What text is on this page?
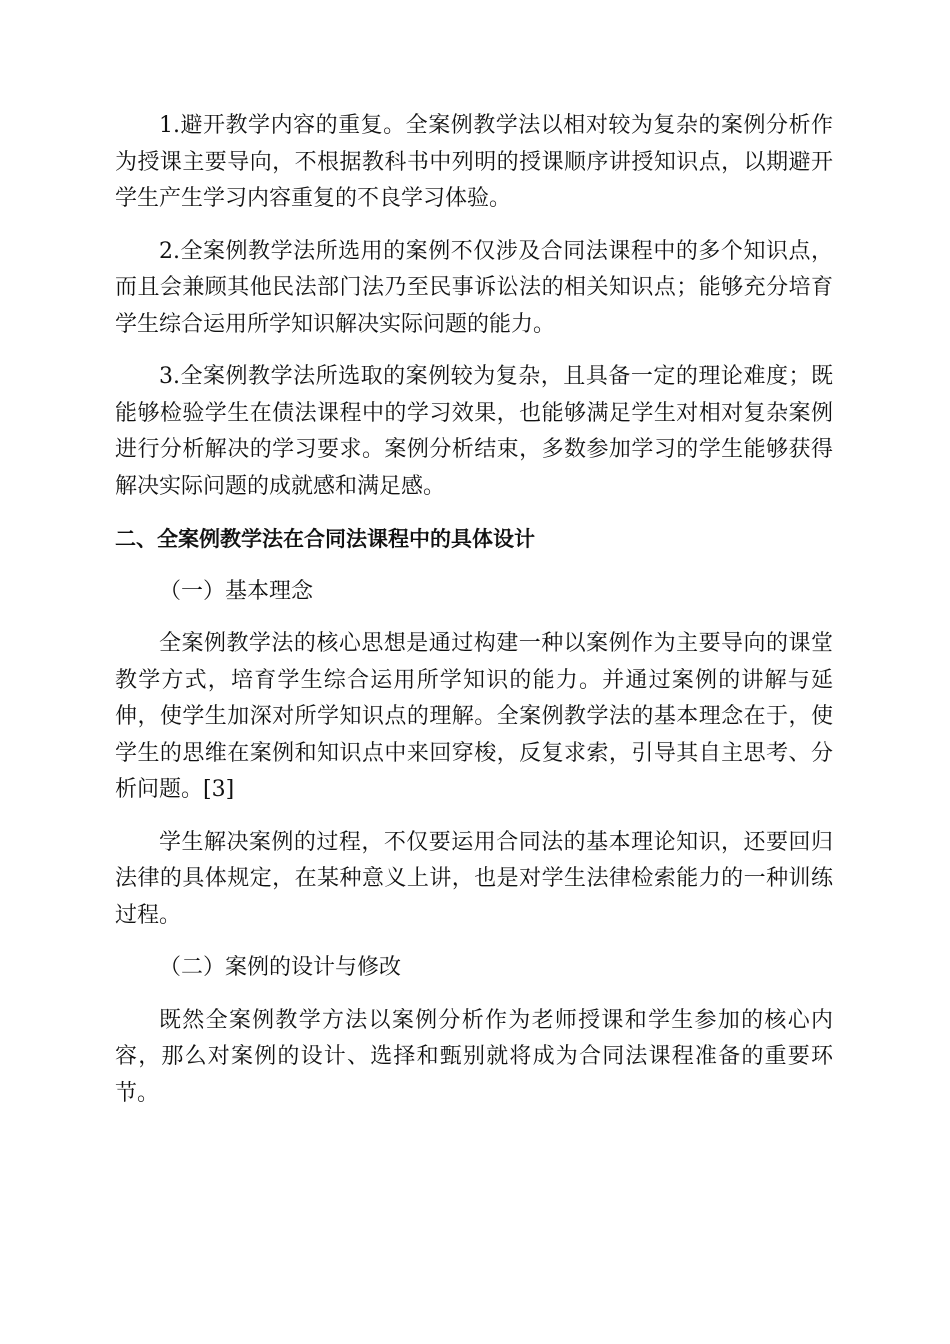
1.避开教学内容的重复。全案例教学法以相对较为复杂的案例分析作为授课主要导向，不根据教科书中列明的授课顺序讲授知识点，以期避开学生产生学习内容重复的不良学习体验。

2.全案例教学法所选用的案例不仅涉及合同法课程中的多个知识点，而且会兼顾其他民法部门法乃至民事诉讼法的相关知识点；能够充分培育学生综合运用所学知识解决实际问题的能力。

3.全案例教学法所选取的案例较为复杂，且具备一定的理论难度；既能够检验学生在债法课程中的学习效果，也能够满足学生对相对复杂案例进行分析解决的学习要求。案例分析结束，多数参加学习的学生能够获得解决实际问题的成就感和满足感。

二、全案例教学法在合同法课程中的具体设计

（一）基本理念

全案例教学法的核心思想是通过构建一种以案例作为主要导向的课堂教学方式，培育学生综合运用所学知识的能力。并通过案例的讲解与延伸，使学生加深对所学知识点的理解。全案例教学法的基本理念在于，使学生的思维在案例和知识点中来回穿梭，反复求索，引导其自主思考、分析问题。[3]

学生解决案例的过程，不仅要运用合同法的基本理论知识，还要回归法律的具体规定，在某种意义上讲，也是对学生法律检索能力的一种训练过程。

（二）案例的设计与修改

既然全案例教学方法以案例分析作为老师授课和学生参加的核心内容，那么对案例的设计、选择和甄别就将成为合同法课程准备的重要环节。
